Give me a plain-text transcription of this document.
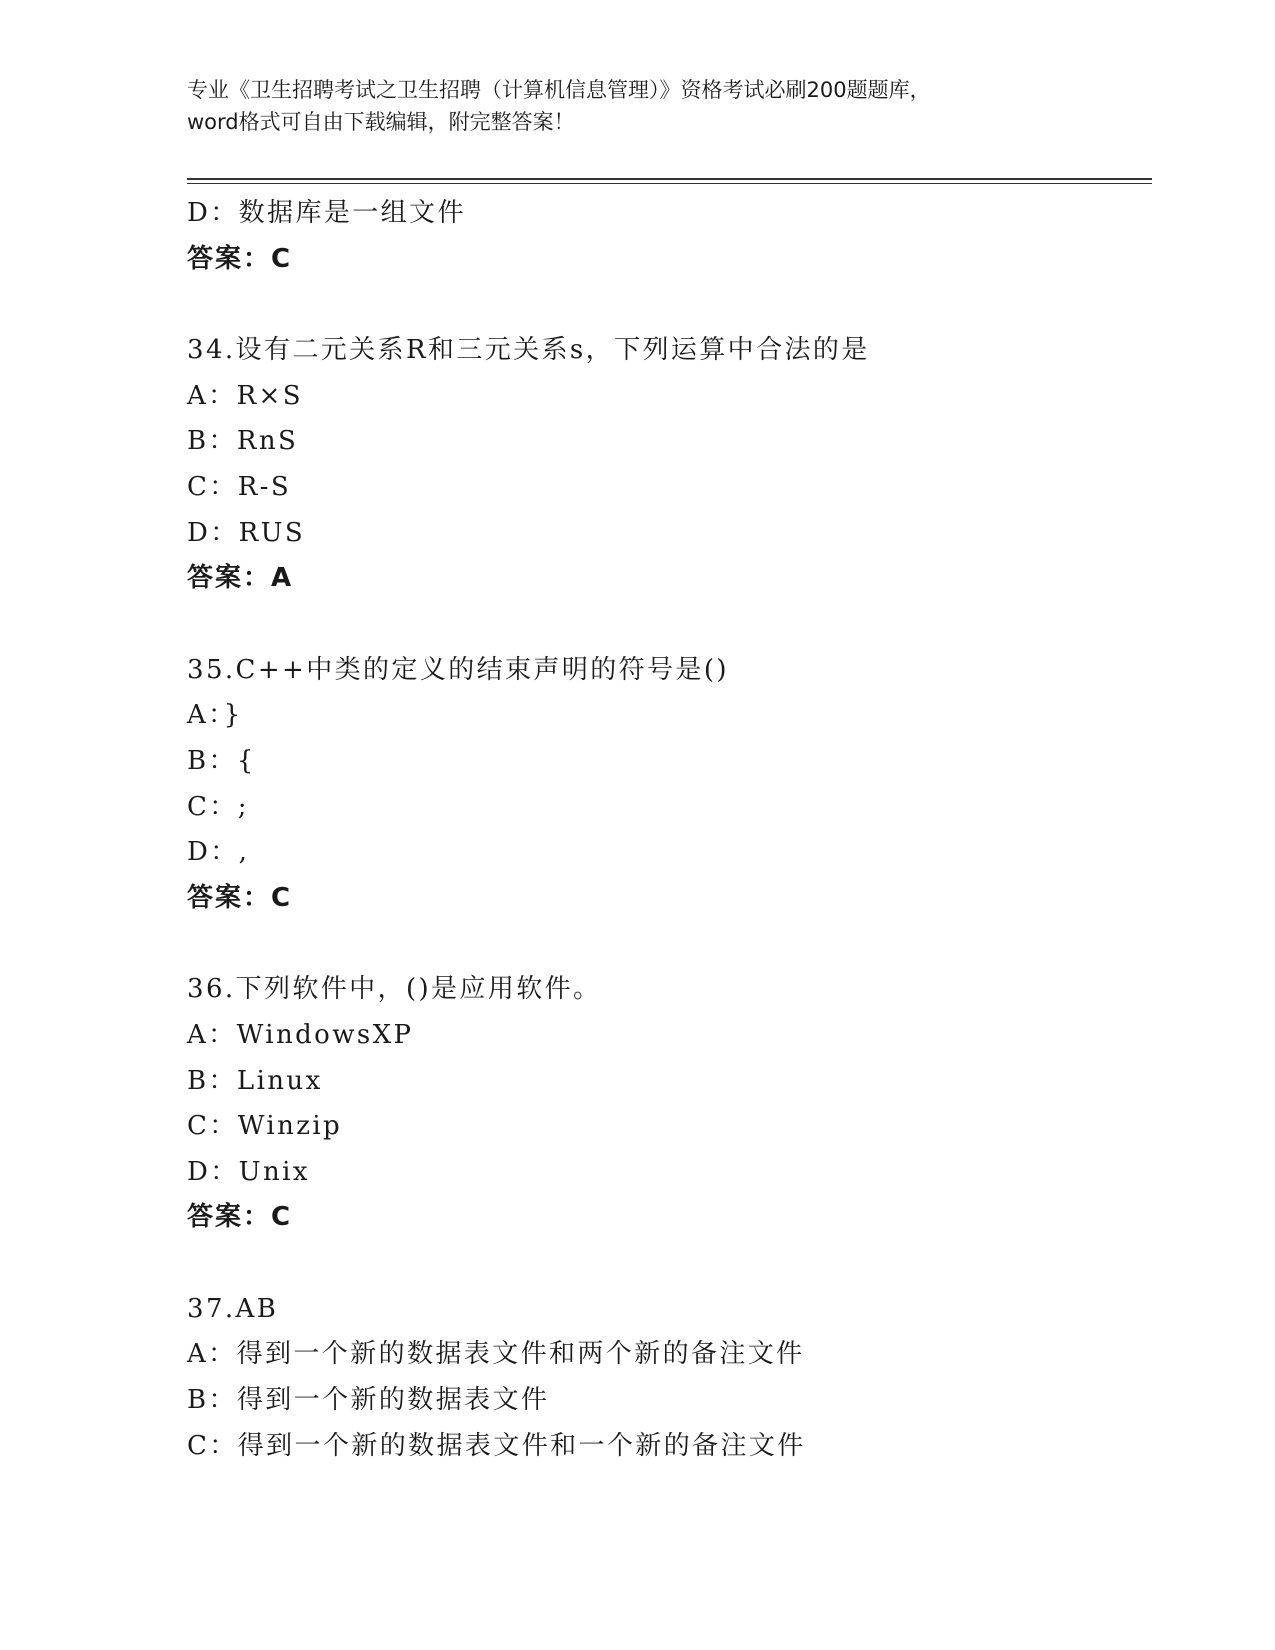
专业《卫生招聘考试之卫生招聘（计算机信息管理）》资格考试必刷200题题库，
word格式可自由下载编辑，附完整答案！
D：数据库是一组文件
答案：C
34.设有二元关系R和三元关系s，下列运算中合法的是
A：R×S
B：RnS
C：R-S
D：RUS
答案：A
35.C++中类的定义的结束声明的符号是()
A：}
B：{
C：;
D：,
答案：C
36.下列软件中，()是应用软件。
A：WindowsXP
B：Linux
C：Winzip
D：Unix
答案：C
37.AB
A：得到一个新的数据表文件和两个新的备注文件
B：得到一个新的数据表文件
C：得到一个新的数据表文件和一个新的备注文件
